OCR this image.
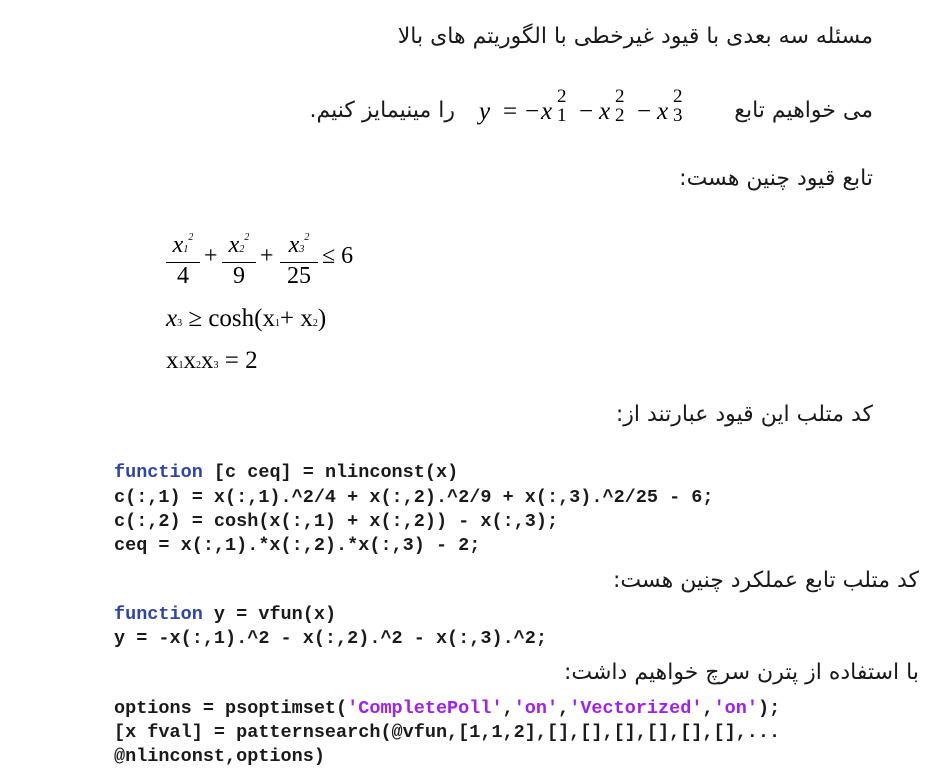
مسئله سه بعدی با قیود غیرخطی با الگوریتم های بالا
می خواهیم تابع
y = − x
2
1 − x
2
2 − x
2
3
را مینیمایز کنیم.
تابع قیود چنین هست:
$\frac{x1^2}{4} + \frac{x2^2}{9} + \frac{x3^2}{25} \le 6$
x3 ≥ cosh(x1+ x2)
x1x2x3 = 2
کد متلب این قیود عبارتند از:
function [c ceq] = nlinconst(x)
c(:,1) = x(:,1).^2/4 + x(:,2).^2/9 + x(:,3).^2/25 - 6;
c(:,2) = cosh(x(:,1) + x(:,2)) - x(:,3);
ceq = x(:,1).*x(:,2).*x(:,3) - 2;
کد متلب تابع عملکرد چنین هست:
function y = vfun(x)
y = -x(:,1).^2 - x(:,2).^2 - x(:,3).^2;
با استفاده از پترن سرچ خواهیم داشت:
options = psoptimset('CompletePoll','on','Vectorized','on');
[x fval] = patternsearch(@vfun,[1,1,2],[],[],[],[],[],[],...
@nlinconst,options)
